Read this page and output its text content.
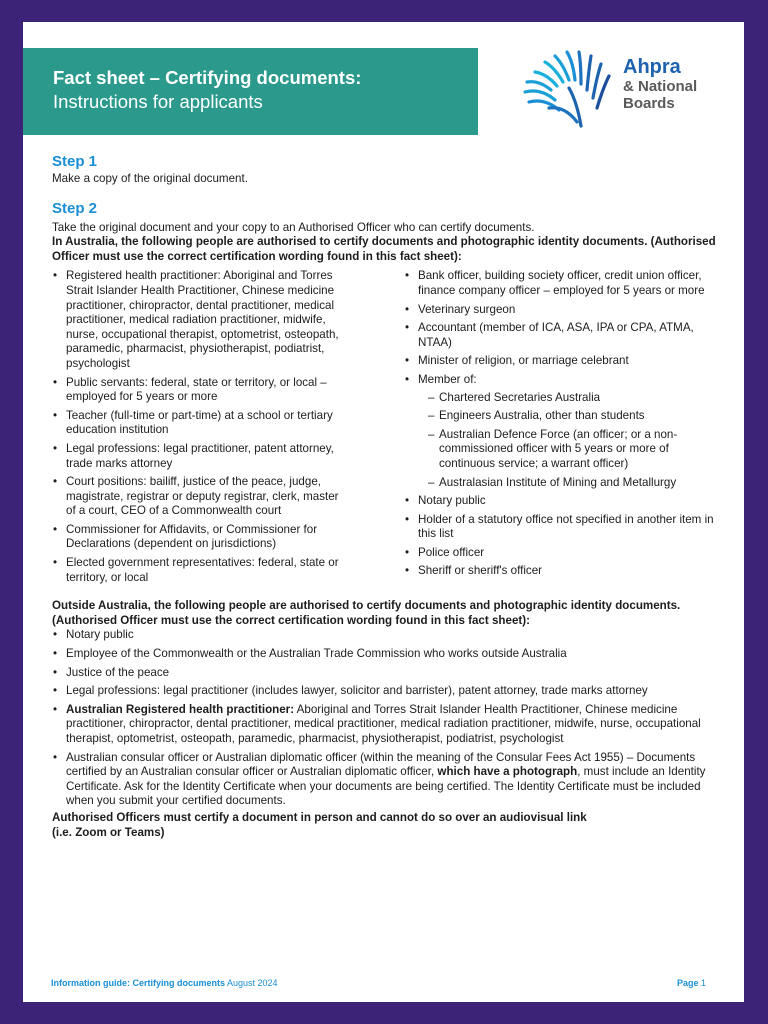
Fact sheet – Certifying documents:
Instructions for applicants
Ahpra
& National
Boards
Step 1

Make a copy of the original document.

Step 2

Take the original document and your copy to an Authorised Officer who can certify documents.

In Australia, the following people are authorised to certify documents and photographic identity documents. (Authorised Officer must use the correct certification wording found in this fact sheet):

• Registered health practitioner: Aboriginal and Torres Strait Islander Health Practitioner, Chinese medicine practitioner, chiropractor, dental practitioner, medical practitioner, medical radiation practitioner, midwife, nurse, occupational therapist, optometrist, osteopath, paramedic, pharmacist, physiotherapist, podiatrist, psychologist
• Public servants: federal, state or territory, or local – employed for 5 years or more
• Teacher (full-time or part-time) at a school or tertiary education institution
• Legal professions: legal practitioner, patent attorney, trade marks attorney
• Court positions: bailiff, justice of the peace, judge, magistrate, registrar or deputy registrar, clerk, master of a court, CEO of a Commonwealth court
• Commissioner for Affidavits, or Commissioner for Declarations (dependent on jurisdictions)
• Elected government representatives: federal, state or territory, or local
• Bank officer, building society officer, credit union officer, finance company officer – employed for 5 years or more
• Veterinary surgeon
• Accountant (member of ICA, ASA, IPA or CPA, ATMA, NTAA)
• Minister of religion, or marriage celebrant
• Member of:
– Chartered Secretaries Australia
– Engineers Australia, other than students
– Australian Defence Force (an officer; or a non-commissioned officer with 5 years or more of continuous service; a warrant officer)
– Australasian Institute of Mining and Metallurgy
• Notary public
• Holder of a statutory office not specified in another item in this list
• Police officer
• Sheriff or sheriff's officer

Outside Australia, the following people are authorised to certify documents and photographic identity documents. (Authorised Officer must use the correct certification wording found in this fact sheet):

• Notary public
• Employee of the Commonwealth or the Australian Trade Commission who works outside Australia
• Justice of the peace
• Legal professions: legal practitioner (includes lawyer, solicitor and barrister), patent attorney, trade marks attorney
• Australian Registered health practitioner: Aboriginal and Torres Strait Islander Health Practitioner, Chinese medicine practitioner, chiropractor, dental practitioner, medical practitioner, medical radiation practitioner, midwife, nurse, occupational therapist, optometrist, osteopath, paramedic, pharmacist, physiotherapist, podiatrist, psychologist
• Australian consular officer or Australian diplomatic officer (within the meaning of the Consular Fees Act 1955) – Documents certified by an Australian consular officer or Australian diplomatic officer, which have a photograph, must include an Identity Certificate. Ask for the Identity Certificate when your documents are being certified. The Identity Certificate must be included when you submit your certified documents.

Authorised Officers must certify a document in person and cannot do so over an audiovisual link
(i.e. Zoom or Teams)

Information guide: Certifying documents August 2024	Page 1
